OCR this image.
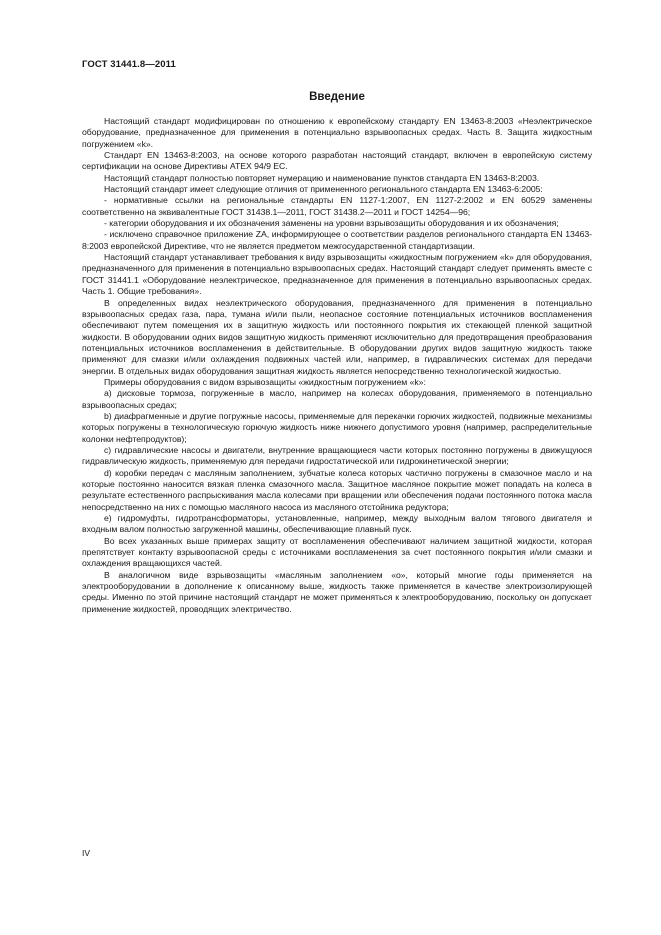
ГОСТ 31441.8—2011
Введение

Настоящий стандарт модифицирован по отношению к европейскому стандарту EN 13463-8:2003 «Неэлектрическое оборудование, предназначенное для применения в потенциально взрывоопасных средах. Часть 8. Защита жидкостным погружением «k».

Стандарт EN 13463-8:2003, на основе которого разработан настоящий стандарт, включен в европейскую систему сертификации на основе Директивы ATEX 94/9 ЕС.

Настоящий стандарт полностью повторяет нумерацию и наименование пунктов стандарта EN 13463-8:2003.

Настоящий стандарт имеет следующие отличия от примененного регионального стандарта EN 13463-6:2005:

- нормативные ссылки на региональные стандарты EN 1127-1:2007, EN 1127-2:2002 и EN 60529 заменены соответственно на эквивалентные ГОСТ 31438.1—2011, ГОСТ 31438.2—2011 и ГОСТ 14254—96;

- категории оборудования и их обозначения заменены на уровни взрывозащиты оборудования и их обозначения;

- исключено справочное приложение ZA, информирующее о соответствии разделов регионального стандарта EN 13463-8:2003 европейской Директиве, что не является предметом межгосударственной стандартизации.

Настоящий стандарт устанавливает требования к виду взрывозащиты «жидкостным погружением «k» для оборудования, предназначенного для применения в потенциально взрывоопасных средах. Настоящий стандарт следует применять вместе с ГОСТ 31441.1 «Оборудование неэлектрическое, предназначенное для применения в потенциально взрывоопасных средах. Часть 1. Общие требования».

В определенных видах неэлектрического оборудования, предназначенного для применения в потенциально взрывоопасных средах газа, пара, тумана и/или пыли, неопасное состояние потенциальных источников воспламенения обеспечивают путем помещения их в защитную жидкость или постоянного покрытия их стекающей пленкой защитной жидкости. В оборудовании одних видов защитную жидкость применяют исключительно для предотвращения преобразования потенциальных источников воспламенения в действительные. В оборудовании других видов защитную жидкость также применяют для смазки и/или охлаждения подвижных частей или, например, в гидравлических системах для передачи энергии. В отдельных видах оборудования защитная жидкость является непосредственно технологической жидкостью.

Примеры оборудования с видом взрывозащиты «жидкостным погружением «k»:

а) дисковые тормоза, погруженные в масло, например на колесах оборудования, применяемого в потенциально взрывоопасных средах;

b) диафрагменные и другие погружные насосы, применяемые для перекачки горючих жидкостей, подвижные механизмы которых погружены в технологическую горючую жидкость ниже нижнего допустимого уровня (например, распределительные колонки нефтепродуктов);

c) гидравлические насосы и двигатели, внутренние вращающиеся части которых постоянно погружены в движущуюся гидравлическую жидкость, применяемую для передачи гидростатической или гидрокинетической энергии;

d) коробки передач с масляным заполнением, зубчатые колеса которых частично погружены в смазочное масло и на которые постоянно наносится вязкая пленка смазочного масла. Защитное масляное покрытие может попадать на колеса в результате естественного распрыскивания масла колесами при вращении или обеспечения подачи постоянного потока масла непосредственно на них с помощью масляного насоса из масляного отстойника редуктора;

e) гидромуфты, гидротрансформаторы, установленные, например, между выходным валом тягового двигателя и входным валом полностью загруженной машины, обеспечивающие плавный пуск.

Во всех указанных выше примерах защиту от воспламенения обеспечивают наличием защитной жидкости, которая препятствует контакту взрывоопасной среды с источниками воспламенения за счет постоянного покрытия и/или смазки и охлаждения вращающихся частей.

В аналогичном виде взрывозащиты «масляным заполнением «о», который многие годы применяется на электрооборудовании в дополнение к описанному выше, жидкость также применяется в качестве электроизолирующей среды. Именно по этой причине настоящий стандарт не может применяться к электрооборудованию, поскольку он допускает применение жидкостей, проводящих электричество.

IV
